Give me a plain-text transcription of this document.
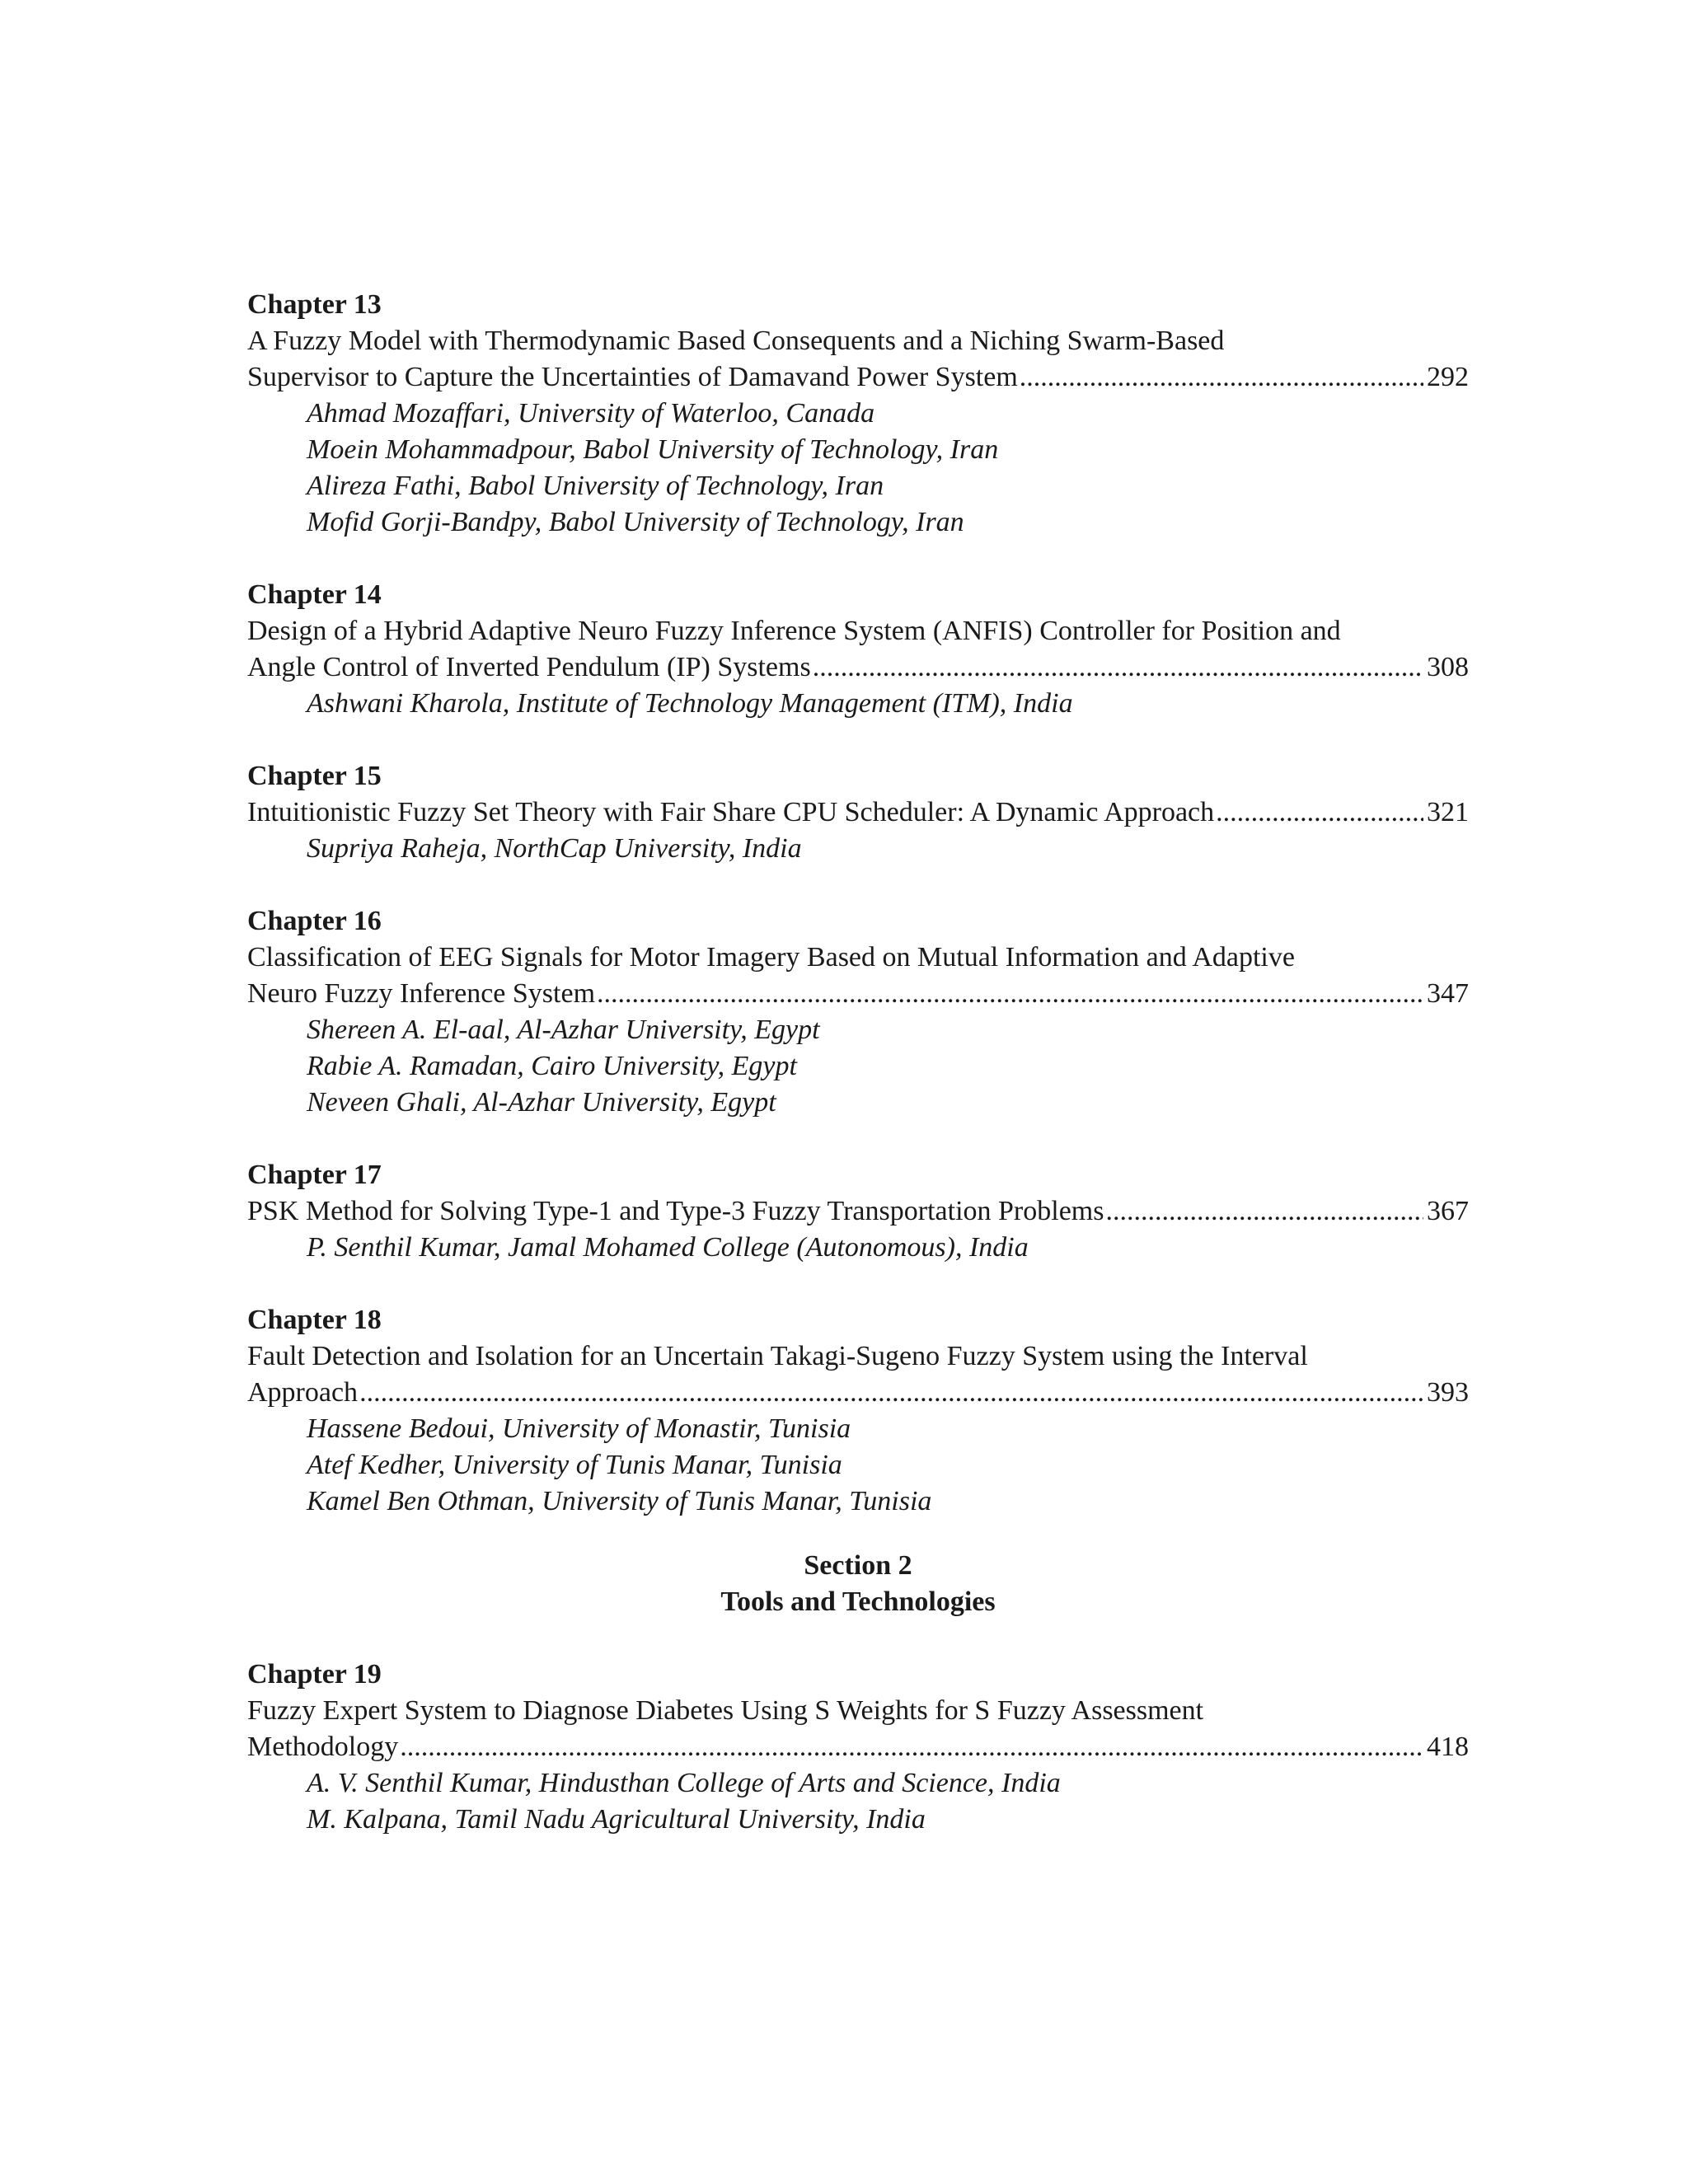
Chapter 13
A Fuzzy Model with Thermodynamic Based Consequents and a Niching Swarm-Based
Supervisor to Capture the Uncertainties of Damavand Power System .....	292
Ahmad Mozaffari, University of Waterloo, Canada
Moein Mohammadpour, Babol University of Technology, Iran
Alireza Fathi, Babol University of Technology, Iran
Mofid Gorji-Bandpy, Babol University of Technology, Iran
Chapter 14
Design of a Hybrid Adaptive Neuro Fuzzy Inference System (ANFIS) Controller for Position and
Angle Control of Inverted Pendulum (IP) Systems .....	308
Ashwani Kharola, Institute of Technology Management (ITM), India
Chapter 15
Intuitionistic Fuzzy Set Theory with Fair Share CPU Scheduler: A Dynamic Approach .....	321
Supriya Raheja, NorthCap University, India
Chapter 16
Classification of EEG Signals for Motor Imagery Based on Mutual Information and Adaptive
Neuro Fuzzy Inference System .....	347
Shereen A. El-aal, Al-Azhar University, Egypt
Rabie A. Ramadan, Cairo University, Egypt
Neveen Ghali, Al-Azhar University, Egypt
Chapter 17
PSK Method for Solving Type-1 and Type-3 Fuzzy Transportation Problems .....	367
P. Senthil Kumar, Jamal Mohamed College (Autonomous), India
Chapter 18
Fault Detection and Isolation for an Uncertain Takagi-Sugeno Fuzzy System using the Interval
Approach .....	393
Hassene Bedoui, University of Monastir, Tunisia
Atef Kedher, University of Tunis Manar, Tunisia
Kamel Ben Othman, University of Tunis Manar, Tunisia
Section 2
Tools and Technologies
Chapter 19
Fuzzy Expert System to Diagnose Diabetes Using S Weights for S Fuzzy Assessment
Methodology .....	418
A. V. Senthil Kumar, Hindusthan College of Arts and Science, India
M. Kalpana, Tamil Nadu Agricultural University, India
